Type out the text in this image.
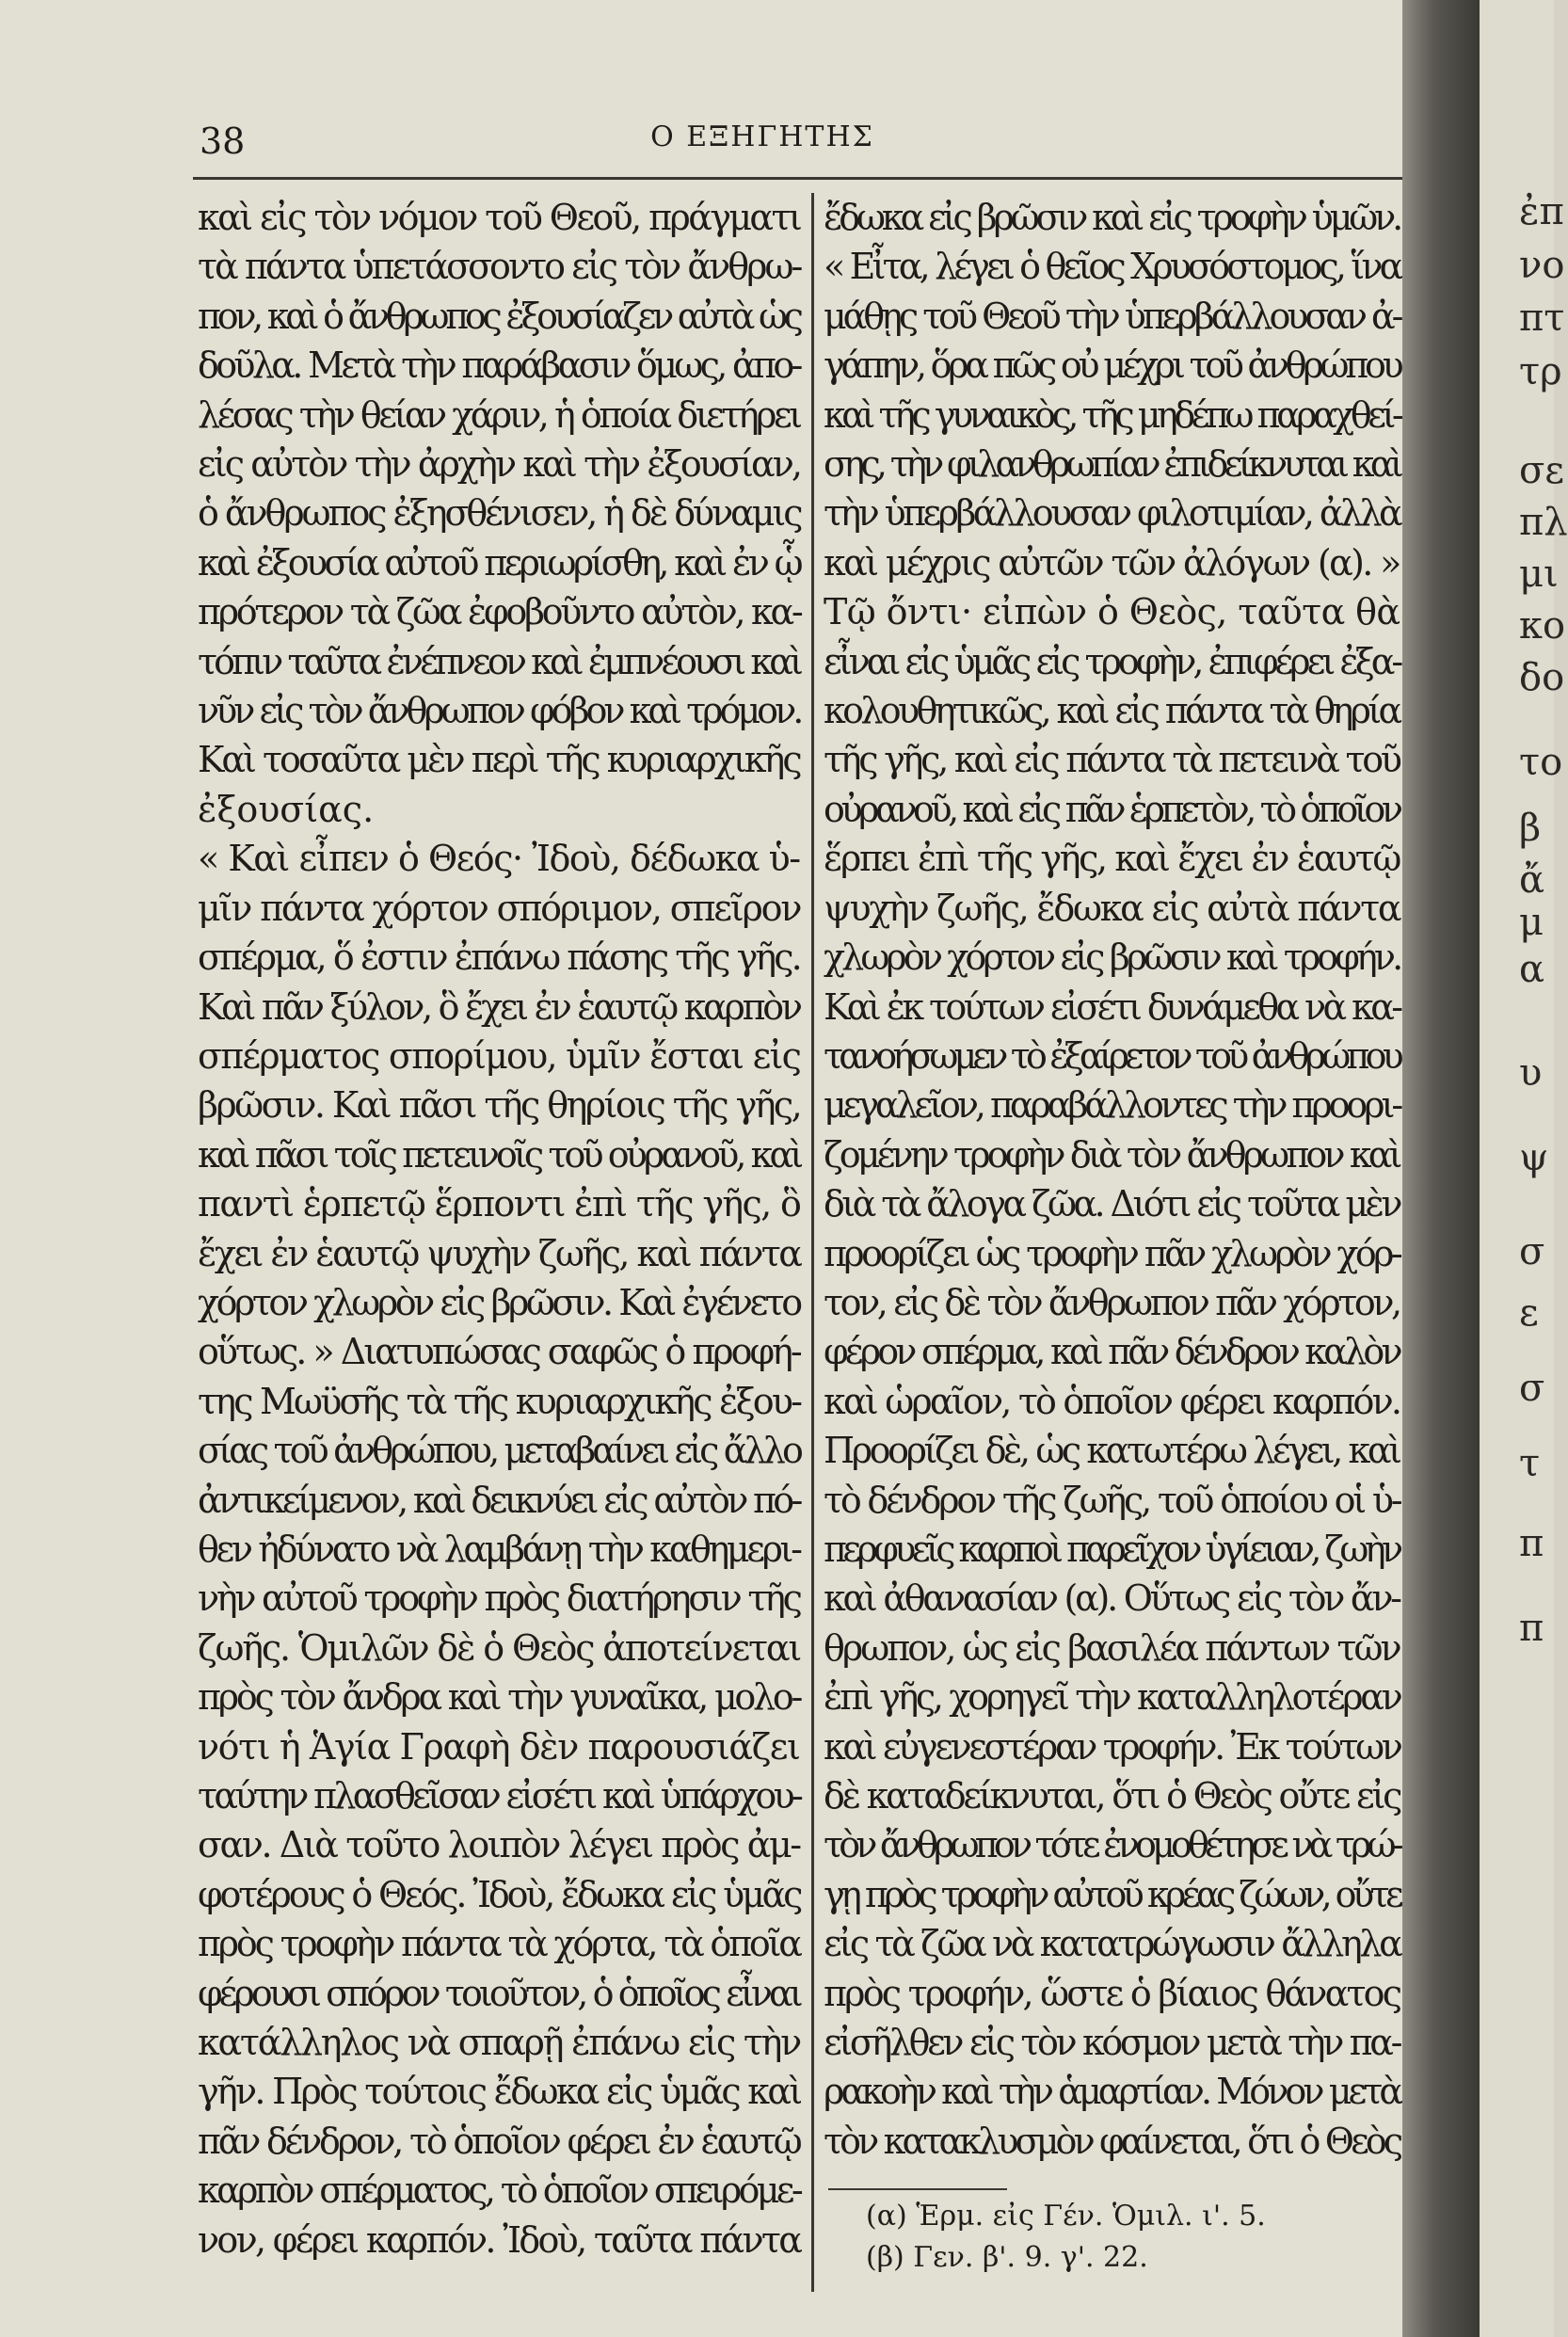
38	Ο ΕΞΗΓΗΤΗΣ
καὶ εἰς τὸν νόμον τοῦ Θεοῦ, πράγματι
τὰ πάντα ὑπετάσσοντο εἰς τὸν ἄνθρω-
πον, καὶ ὁ ἄνθρωπος ἐξουσίαζεν αὐτὰ ὡς
δοῦλα. Μετὰ τὴν παράβασιν ὅμως, ἀπο-
λέσας τὴν θείαν χάριν, ἡ ὁποία διετήρει
εἰς αὐτὸν τὴν ἀρχὴν καὶ τὴν ἐξουσίαν,
ὁ ἄνθρωπος ἐξησθένισεν, ἡ δὲ δύναμις
καὶ ἐξουσία αὐτοῦ περιωρίσθη, καὶ ἐν ᾧ
πρότερον τὰ ζῶα ἐφοβοῦντο αὐτὸν, κα-
τόπιν ταῦτα ἐνέπνεον καὶ ἐμπνέουσι καὶ
νῦν εἰς τὸν ἄνθρωπον φόβον καὶ τρόμον.
Καὶ τοσαῦτα μὲν περὶ τῆς κυριαρχικῆς
ἐξουσίας.
« Καὶ εἶπεν ὁ Θεός· Ἰδοὺ, δέδωκα ὑ-
μῖν πάντα χόρτον σπόριμον, σπεῖρον
σπέρμα, ὅ ἐστιν ἐπάνω πάσης τῆς γῆς.
Καὶ πᾶν ξύλον, ὃ ἔχει ἐν ἑαυτῷ καρπὸν
σπέρματος σπορίμου, ὑμῖν ἔσται εἰς
βρῶσιν. Καὶ πᾶσι τῆς θηρίοις τῆς γῆς,
καὶ πᾶσι τοῖς πετεινοῖς τοῦ οὐρανοῦ, καὶ
παντὶ ἑρπετῷ ἕρποντι ἐπὶ τῆς γῆς, ὃ
ἔχει ἐν ἑαυτῷ ψυχὴν ζωῆς, καὶ πάντα
χόρτον χλωρὸν εἰς βρῶσιν. Καὶ ἐγένετο
οὕτως. » Διατυπώσας σαφῶς ὁ προφή-
της Μωϋσῆς τὰ τῆς κυριαρχικῆς ἐξου-
σίας τοῦ ἀνθρώπου, μεταβαίνει εἰς ἄλλο
ἀντικείμενον, καὶ δεικνύει εἰς αὐτὸν πό-
θεν ἠδύνατο νὰ λαμβάνῃ τὴν καθημερι-
νὴν αὐτοῦ τροφὴν πρὸς διατήρησιν τῆς
ζωῆς. Ὁμιλῶν δὲ ὁ Θεὸς ἀποτείνεται
πρὸς τὸν ἄνδρα καὶ τὴν γυναῖκα, μολο-
νότι ἡ Ἁγία Γραφὴ δὲν παρουσιάζει
ταύτην πλασθεῖσαν εἰσέτι καὶ ὑπάρχου-
σαν. Διὰ τοῦτο λοιπὸν λέγει πρὸς ἀμ-
φοτέρους ὁ Θεός. Ἰδοὺ, ἔδωκα εἰς ὑμᾶς
πρὸς τροφὴν πάντα τὰ χόρτα, τὰ ὁποῖα
φέρουσι σπόρον τοιοῦτον, ὁ ὁποῖος εἶναι
κατάλληλος νὰ σπαρῇ ἐπάνω εἰς τὴν
γῆν. Πρὸς τούτοις ἔδωκα εἰς ὑμᾶς καὶ
πᾶν δένδρον, τὸ ὁποῖον φέρει ἐν ἑαυτῷ
καρπὸν σπέρματος, τὸ ὁποῖον σπειρόμε-
νον, φέρει καρπόν. Ἰδοὺ, ταῦτα πάντα
ἔδωκα εἰς βρῶσιν καὶ εἰς τροφὴν ὑμῶν.
« Εἶτα, λέγει ὁ θεῖος Χρυσόστομος, ἵνα
μάθῃς τοῦ Θεοῦ τὴν ὑπερβάλλουσαν ἀ-
γάπην, ὅρα πῶς οὐ μέχρι τοῦ ἀνθρώπου
καὶ τῆς γυναικὸς, τῆς μηδέπω παραχθεί-
σης, τὴν φιλανθρωπίαν ἐπιδείκνυται καὶ
τὴν ὑπερβάλλουσαν φιλοτιμίαν, ἀλλὰ
καὶ μέχρις αὐτῶν τῶν ἀλόγων (α). »
Τῷ ὄντι· εἰπὼν ὁ Θεὸς, ταῦτα θὰ
εἶναι εἰς ὑμᾶς εἰς τροφὴν, ἐπιφέρει ἐξα-
κολουθητικῶς, καὶ εἰς πάντα τὰ θηρία
τῆς γῆς, καὶ εἰς πάντα τὰ πετεινὰ τοῦ
οὐρανοῦ, καὶ εἰς πᾶν ἑρπετὸν, τὸ ὁποῖον
ἕρπει ἐπὶ τῆς γῆς, καὶ ἔχει ἐν ἑαυτῷ
ψυχὴν ζωῆς, ἔδωκα εἰς αὐτὰ πάντα
χλωρὸν χόρτον εἰς βρῶσιν καὶ τροφήν.
Καὶ ἐκ τούτων εἰσέτι δυνάμεθα νὰ κα-
τανοήσωμεν τὸ ἐξαίρετον τοῦ ἀνθρώπου
μεγαλεῖον, παραβάλλοντες τὴν προορι-
ζομένην τροφὴν διὰ τὸν ἄνθρωπον καὶ
διὰ τὰ ἄλογα ζῶα. Διότι εἰς τοῦτα μὲν
προορίζει ὡς τροφὴν πᾶν χλωρὸν χόρ-
τον, εἰς δὲ τὸν ἄνθρωπον πᾶν χόρτον,
φέρον σπέρμα, καὶ πᾶν δένδρον καλὸν
καὶ ὡραῖον, τὸ ὁποῖον φέρει καρπόν.
Προορίζει δὲ, ὡς κατωτέρω λέγει, καὶ
τὸ δένδρον τῆς ζωῆς, τοῦ ὁποίου οἱ ὑ-
περφυεῖς καρποὶ παρεῖχον ὑγίειαν, ζωὴν
καὶ ἀθανασίαν (α). Οὕτως εἰς τὸν ἄν-
θρωπον, ὡς εἰς βασιλέα πάντων τῶν
ἐπὶ γῆς, χορηγεῖ τὴν καταλληλοτέραν
καὶ εὐγενεστέραν τροφήν. Ἐκ τούτων
δὲ καταδείκνυται, ὅτι ὁ Θεὸς οὔτε εἰς
τὸν ἄνθρωπον τότε ἐνομοθέτησε νὰ τρώ-
γῃ πρὸς τροφὴν αὐτοῦ κρέας ζώων, οὔτε
εἰς τὰ ζῶα νὰ κατατρώγωσιν ἄλληλα
πρὸς τροφήν, ὥστε ὁ βίαιος θάνατος
εἰσῆλθεν εἰς τὸν κόσμον μετὰ τὴν πα-
ρακοὴν καὶ τὴν ἁμαρτίαν. Μόνον μετὰ
τὸν κατακλυσμὸν φαίνεται, ὅτι ὁ Θεὸς
(α) Ἑρμ. εἰς Γέν. Ὁμιλ. ι'. 5.
(β) Γεν. β'. 9. γ'. 22.
ἐπ
νο
πτ
τρ
σε
πλ
μι
κο
δο
το
β
ἄ
μ
α
υ
ψ
σ
ε
σ
τ
π
π
